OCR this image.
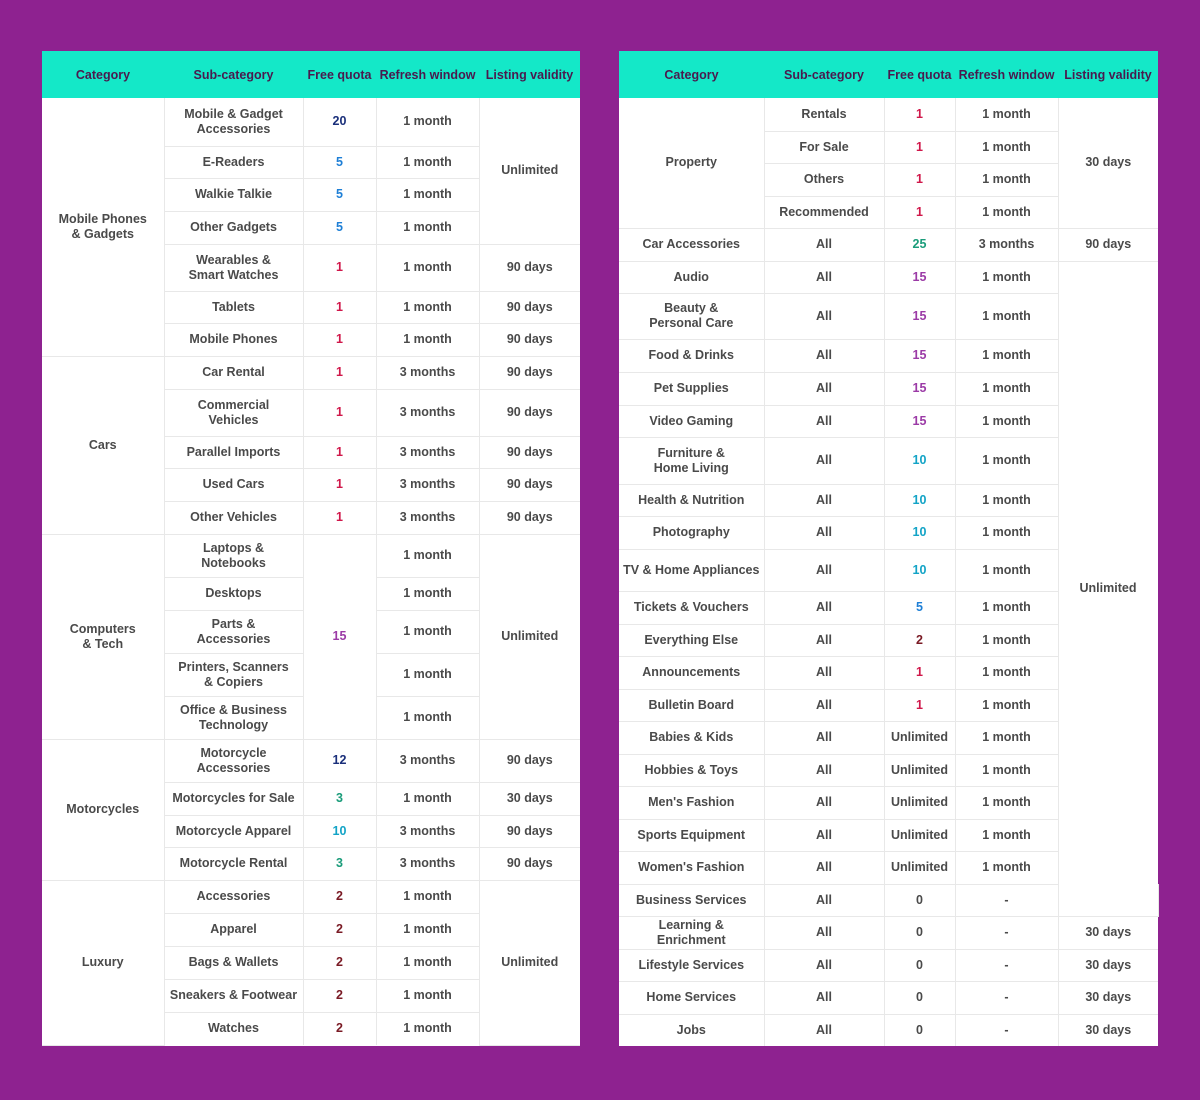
Category	Sub-category	Free quota	Refresh window	Listing validity
Mobile Phones
& Gadgets	Mobile & Gadget
Accessories	20	1 month	Unlimited
	E-Readers	5	1 month	
	Walkie Talkie	5	1 month	
	Other Gadgets	5	1 month	
	Wearables &
Smart Watches	1	1 month	90 days
	Tablets	1	1 month	90 days
	Mobile Phones	1	1 month	90 days
Cars	Car Rental	1	3 months	90 days
	Commercial
Vehicles	1	3 months	90 days
	Parallel Imports	1	3 months	90 days
	Used Cars	1	3 months	90 days
	Other Vehicles	1	3 months	90 days
Computers
& Tech	Laptops &
Notebooks	15	1 month	Unlimited
	Desktops		1 month	
	Parts &
Accessories		1 month	
	Printers, Scanners
& Copiers		1 month	
	Office & Business
Technology		1 month	
Motorcycles	Motorcycle
Accessories	12	3 months	90 days
	Motorcycles for Sale	3	1 month	30 days
	Motorcycle Apparel	10	3 months	90 days
	Motorcycle Rental	3	3 months	90 days
Luxury	Accessories	2	1 month	Unlimited
	Apparel	2	1 month	
	Bags & Wallets	2	1 month	
	Sneakers & Footwear	2	1 month	
	Watches	2	1 month	
Category	Sub-category	Free quota	Refresh window	Listing validity	
Property	Rentals	1	1 month	30 days	
	For Sale	1	1 month		
	Others	1	1 month		
	Recommended	1	1 month		
Car Accessories	All	25	3 months	90 days	
Audio	All	15	1 month	Unlimited	
Beauty &
Personal Care	All	15	1 month		
Food & Drinks	All	15	1 month		
Pet Supplies	All	15	1 month		
Video Gaming	All	15	1 month		
Furniture &
Home Living	All	10	1 month		
Health & Nutrition	All	10	1 month		
Photography	All	10	1 month		
TV & Home Appliances	All	10	1 month		
Tickets & Vouchers	All	5	1 month		
Everything Else	All	2	1 month		
Announcements	All	1	1 month		
Bulletin Board	All	1	1 month		
Babies & Kids	All	Unlimited	1 month		
Hobbies & Toys	All	Unlimited	1 month		
Men's Fashion	All	Unlimited	1 month		
Sports Equipment	All	Unlimited	1 month		
Women's Fashion	All	Unlimited	1 month		
Business Services	All	0	-	
Learning & Enrichment	All	0	-	30 days	
Lifestyle Services	All	0	-	30 days	
Home Services	All	0	-	30 days	
Jobs	All	0	-	30 days	
